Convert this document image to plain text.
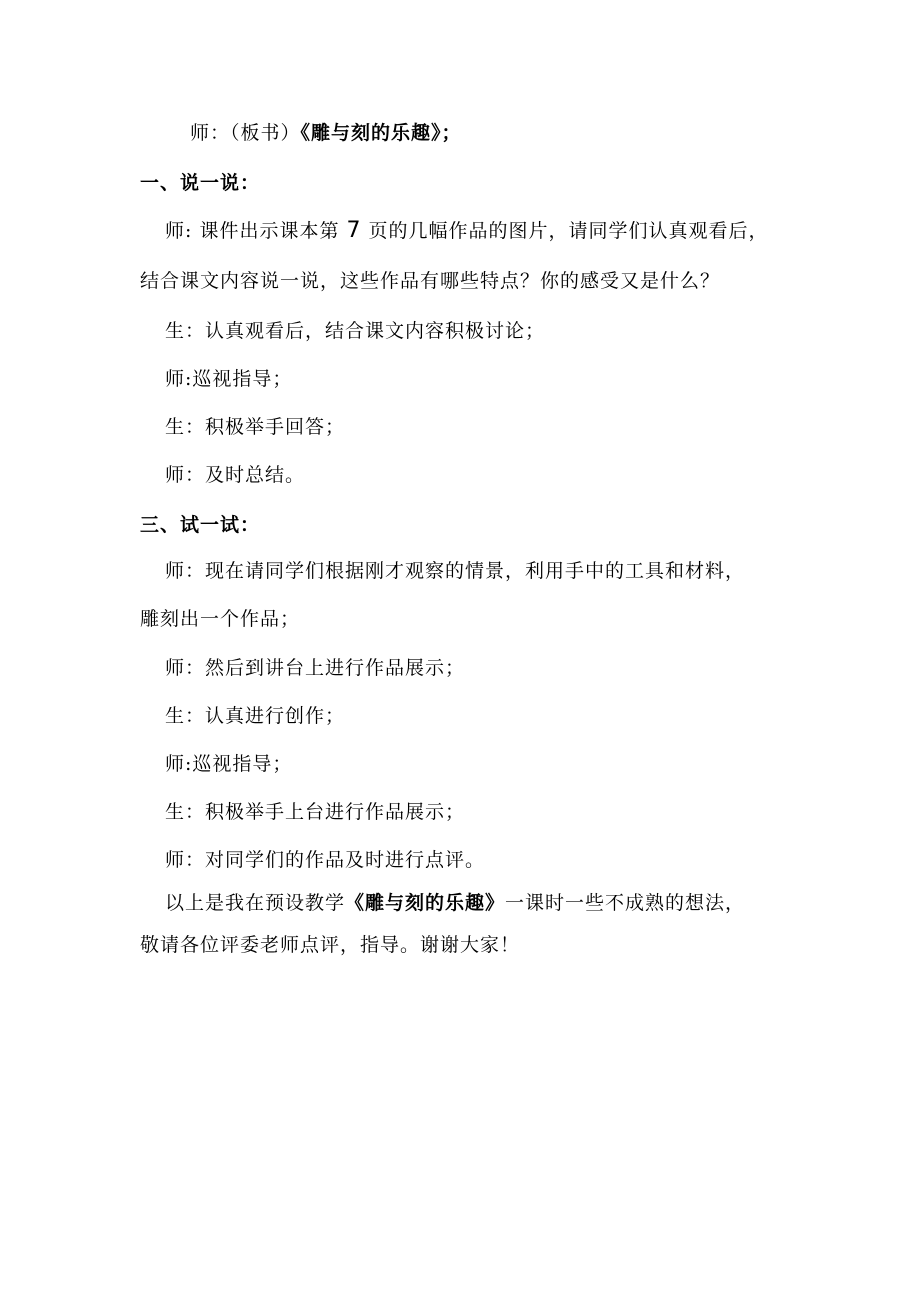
师：（板书）《雕与刻的乐趣》；
一、说一说：
师: 课件出示课本第 7 页的几幅作品的图片，请同学们认真观看后，
结合课文内容说一说，这些作品有哪些特点？你的感受又是什么？
生：认真观看后，结合课文内容积极讨论；
师:巡视指导；
生：积极举手回答；
师：及时总结。
三、试一试：
师：现在请同学们根据刚才观察的情景，利用手中的工具和材料，
雕刻出一个作品；
师：然后到讲台上进行作品展示；
生：认真进行创作；
师:巡视指导；
生：积极举手上台进行作品展示；
师：对同学们的作品及时进行点评。
以上是我在预设教学《雕与刻的乐趣》一课时一些不成熟的想法，
敬请各位评委老师点评，指导。谢谢大家！
